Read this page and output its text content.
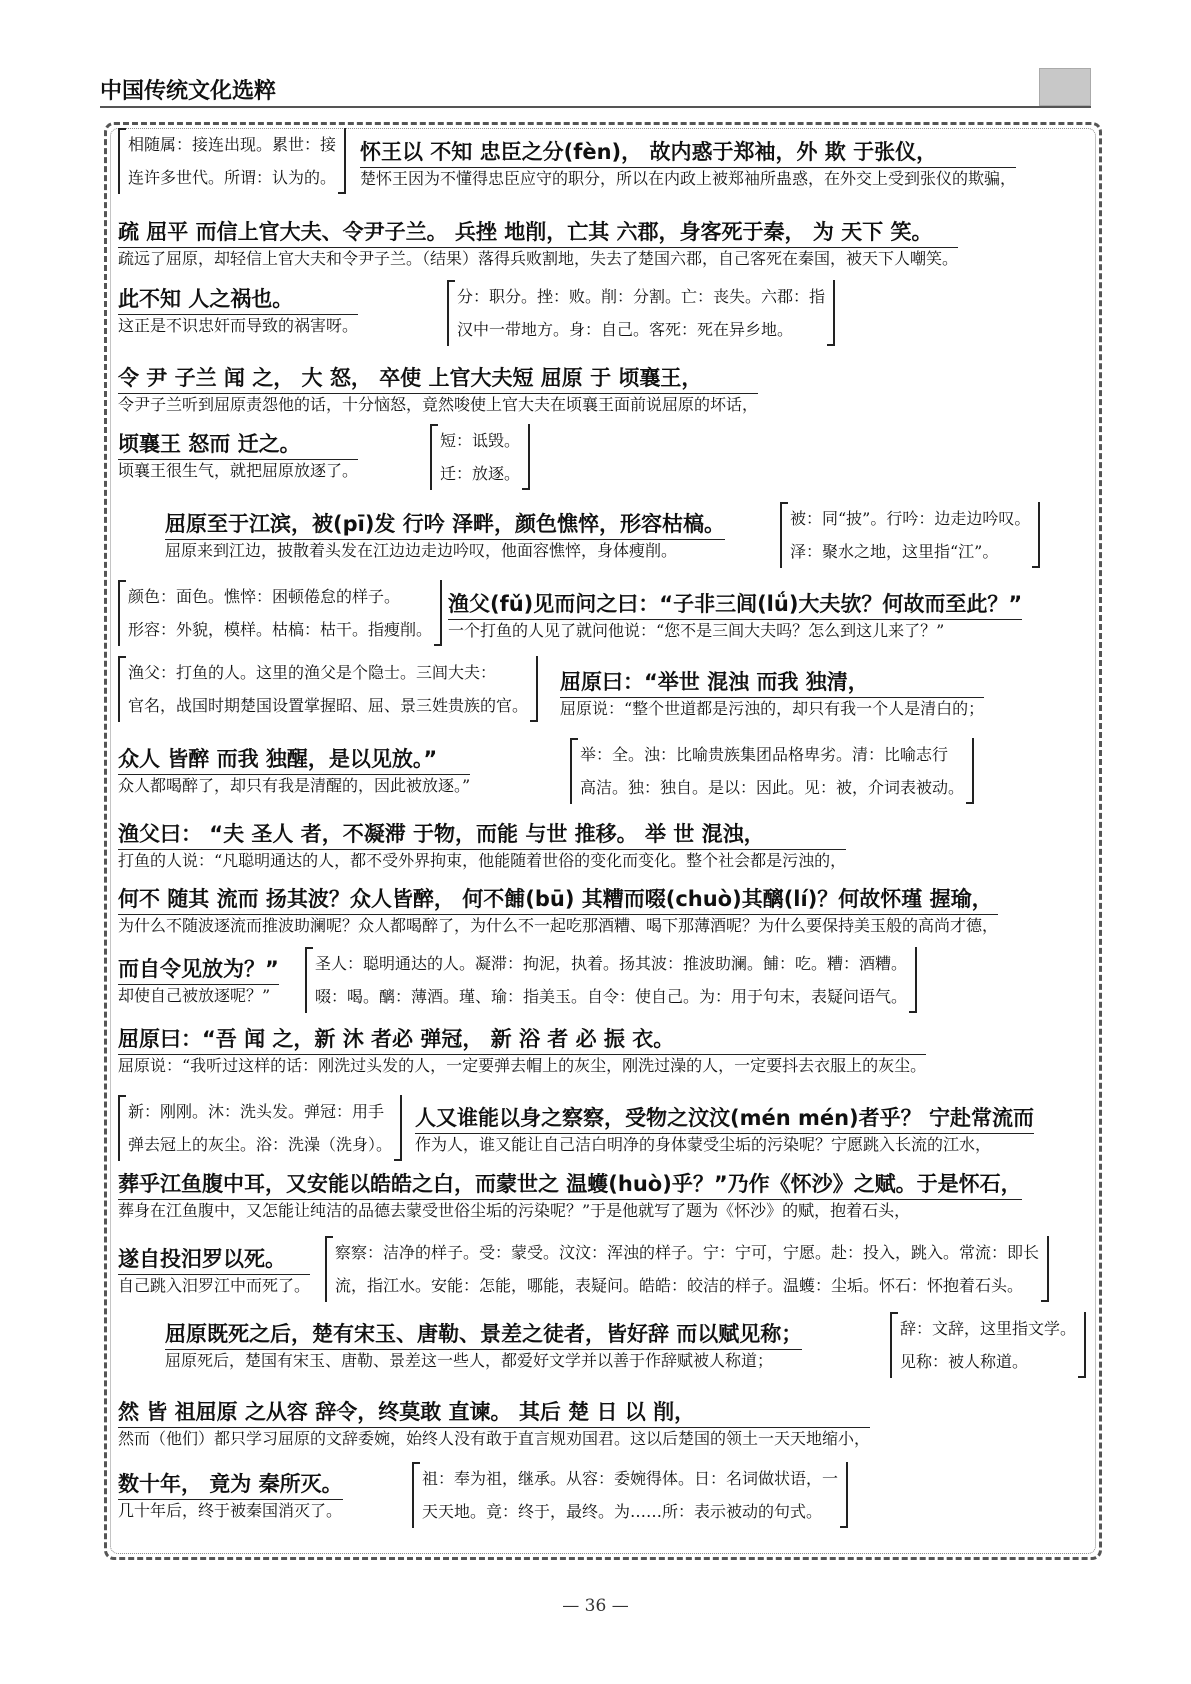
中国传统文化选粹
相随属：接连出现。累世：接
连许多世代。所谓：认为的。
怀王以 不知 忠臣之分(fèn)， 故内惑于郑袖，外 欺 于张仪，
楚怀王因为不懂得忠臣应守的职分，所以在内政上被郑袖所蛊惑，在外交上受到张仪的欺骗，
疏 屈平 而信上官大夫、令尹子兰。 兵挫 地削，亡其 六郡，身客死于秦， 为 天下 笑。
疏远了屈原，却轻信上官大夫和令尹子兰。（结果）落得兵败割地，失去了楚国六郡，自己客死在秦国，被天下人嘲笑。
此不知 人之祸也。
这正是不识忠奸而导致的祸害呀。
分：职分。挫：败。削：分割。亡：丧失。六郡：指
汉中一带地方。身：自己。客死：死在异乡地。
令 尹 子兰 闻 之， 大 怒， 卒使 上官大夫短 屈原 于 顷襄王，
令尹子兰听到屈原责怨他的话，十分恼怒，竟然唆使上官大夫在顷襄王面前说屈原的坏话，
顷襄王 怒而 迁之。
顷襄王很生气，就把屈原放逐了。
短：诋毁。
迁：放逐。
屈原至于江滨，被(pī)发 行吟 泽畔，颜色憔悴，形容枯槁。
屈原来到江边，披散着头发在江边边走边吟叹，他面容憔悴，身体瘦削。
被：同“披”。行吟：边走边吟叹。
泽：聚水之地，这里指“江”。
颜色：面色。憔悴：困顿倦怠的样子。
形容：外貌，模样。枯槁：枯干。指瘦削。
渔父(fǔ)见而问之曰：“子非三闾(lǘ)大夫欤？何故而至此？”
一个打鱼的人见了就问他说：“您不是三闾大夫吗？怎么到这儿来了？”
渔父：打鱼的人。这里的渔父是个隐士。三闾大夫：
官名，战国时期楚国设置掌握昭、屈、景三姓贵族的官。
屈原曰：“举世 混浊 而我 独清，
屈原说：“整个世道都是污浊的，却只有我一个人是清白的；
众人 皆醉 而我 独醒，是以见放。”
众人都喝醉了，却只有我是清醒的，因此被放逐。”
举：全。浊：比喻贵族集团品格卑劣。清：比喻志行
高洁。独：独自。是以：因此。见：被，介词表被动。
渔父曰： “夫 圣人 者，不凝滞 于物，而能 与世 推移。 举 世 混浊，
打鱼的人说：“凡聪明通达的人，都不受外界拘束，他能随着世俗的变化而变化。整个社会都是污浊的，
何不 随其 流而 扬其波？众人皆醉， 何不餔(bū) 其糟而啜(chuò)其醨(lí)？何故怀瑾 握瑜，
为什么不随波逐流而推波助澜呢？众人都喝醉了，为什么不一起吃那酒糟、喝下那薄酒呢？为什么要保持美玉般的高尚才德，
而自令见放为？”
却使自己被放逐呢？”
圣人：聪明通达的人。凝滞：拘泥，执着。扬其波：推波助澜。餔：吃。糟：酒糟。
啜：喝。醨：薄酒。瑾、瑜：指美玉。自令：使自己。为：用于句末，表疑问语气。
屈原曰：“吾 闻 之，新 沐 者必 弹冠， 新 浴 者 必 振 衣。
屈原说：“我听过这样的话：刚洗过头发的人，一定要弹去帽上的灰尘，刚洗过澡的人，一定要抖去衣服上的灰尘。
新：刚刚。沐：洗头发。弹冠：用手
弹去冠上的灰尘。浴：洗澡（洗身）。
人又谁能以身之察察，受物之汶汶(mén mén)者乎？ 宁赴常流而
作为人，谁又能让自己洁白明净的身体蒙受尘垢的污染呢？宁愿跳入长流的江水，
葬乎江鱼腹中耳，又安能以皓皓之白，而蒙世之 温蠖(huò)乎？”乃作《怀沙》之赋。于是怀石，
葬身在江鱼腹中，又怎能让纯洁的品德去蒙受世俗尘垢的污染呢？”于是他就写了题为《怀沙》的赋，抱着石头，
遂自投汨罗以死。
自己跳入汨罗江中而死了。
察察：洁净的样子。受：蒙受。汶汶：浑浊的样子。宁：宁可，宁愿。赴：投入，跳入。常流：即长
流，指江水。安能：怎能，哪能，表疑问。皓皓：皎洁的样子。温蠖：尘垢。怀石：怀抱着石头。
屈原既死之后，楚有宋玉、唐勒、景差之徒者，皆好辞 而以赋见称；
屈原死后，楚国有宋玉、唐勒、景差这一些人，都爱好文学并以善于作辞赋被人称道；
辞：文辞，这里指文学。
见称：被人称道。
然 皆 祖屈原 之从容 辞令，终莫敢 直谏。 其后 楚 日 以 削，
然而（他们）都只学习屈原的文辞委婉，始终人没有敢于直言规劝国君。这以后楚国的领土一天天地缩小，
数十年， 竟为 秦所灭。
几十年后，终于被秦国消灭了。
祖：奉为祖，继承。从容：委婉得体。日：名词做状语，一
天天地。竟：终于，最终。为……所：表示被动的句式。
— 36 —
